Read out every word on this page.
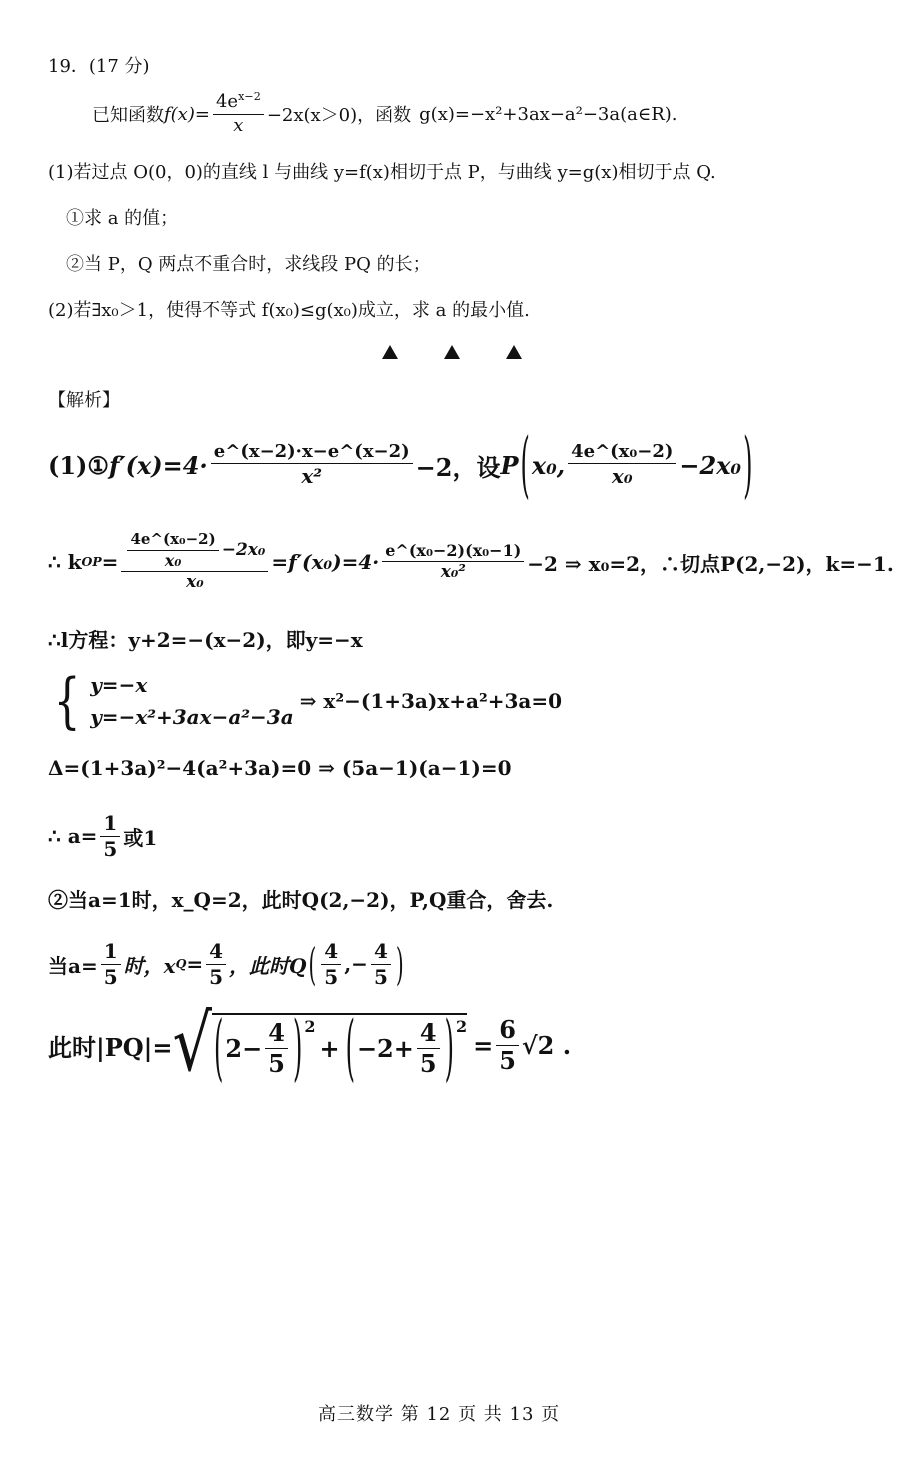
19．(17 分)
已知函数 $f(x)= \frac{4e^{x-2}}{x} -2x(x>0)$，函数 g(x)=−x²+3ax−a²−3a(a∈R).
(1)若过点 O(0，0)的直线 l 与曲线 y=f(x)相切于点 P，与曲线 y=g(x)相切于点 Q.
①求 a 的值；
②当 P，Q 两点不重合时，求线段 PQ 的长；
(2)若∃x₀＞1，使得不等式 f(x₀)≤g(x₀)成立，求 a 的最小值.
【解析】
(1)① $f'(x)=4\cdot \frac{e\^{}(x-2)\cdot x-e\^{}(x-2)}{\text{x²}} -2$，设 P ( x₀, $\frac{\text{4e\textasciicircum{}(x₀−2)}}{\text{x₀}} -2x_0$ )
∴ k OP = $\frac{\frac{\text{4e\textasciicircum{}(x₀−2)}}{\text{x₀}} -2x_0}{\text{x₀}} =f'(x_0)=4\cdot \frac{\text{e\textasciicircum{}(x₀−2)(x₀−1)}}{\text{x₀²}} -2$ ⇒ x₀=2，∴切点P(2,−2)，k=−1.
∴l方程：y+2=−(x−2)，即y=−x
{ y=−x
y=−x²+3ax−a²−3a
⇒ x²−(1+3a)x+a²+3a=0
Δ=(1+3a)²−4(a²+3a)=0 ⇒ (5a−1)(a−1)=0
∴ $a= \frac{1}{5}$ 或1
②当a=1时，x_Q=2，此时Q(2,−2)，P,Q重合，舍去.
当$a= \frac{1}{5}$ 时，x $Q = \frac{4}{5}$ ，此时Q ( $\frac{4}{5}$ ,− $\frac{4}{5}$ )
此时|PQ|= √ ( $2- \frac{4}{5} )^2$
+ ( $-2+ \frac{4}{5} )^2$
= $\frac{6}{5} √2$ .
高三数学 第 12 页 共 13 页
